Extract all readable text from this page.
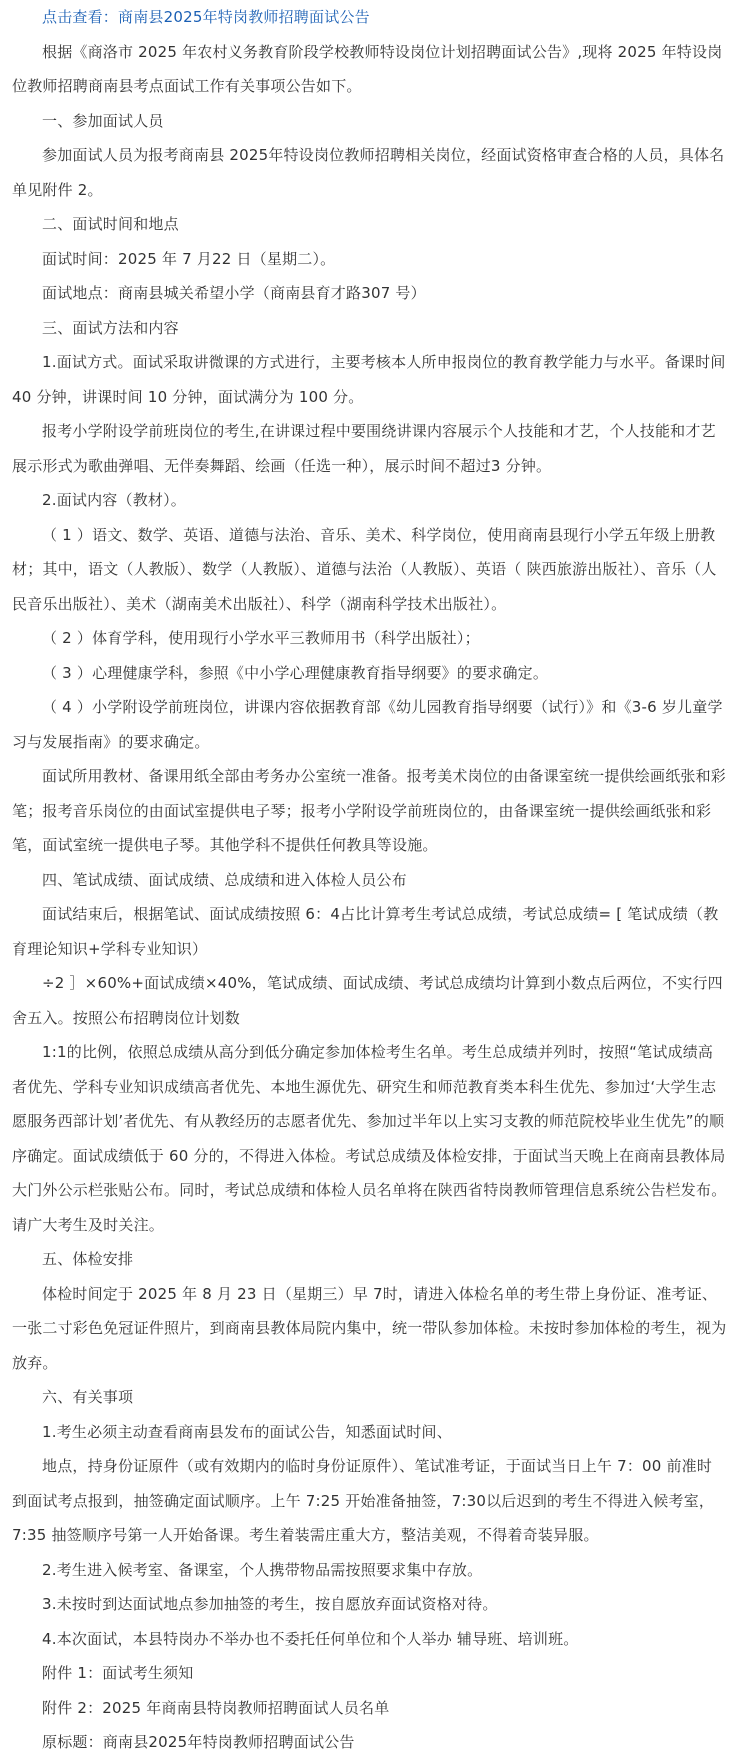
点击查看：商南县2025年特岗教师招聘面试公告

根据《商洛市 2025 年农村义务教育阶段学校教师特设岗位计划招聘面试公告》,现将 2025 年特设岗位教师招聘商南县考点面试工作有关事项公告如下。

一、参加面试人员

参加面试人员为报考商南县 2025年特设岗位教师招聘相关岗位，经面试资格审查合格的人员，具体名单见附件 2。

二、面试时间和地点

面试时间：2025 年 7 月22 日（星期二）。

面试地点：商南县城关希望小学（商南县育才路307 号）

三、面试方法和内容

1.面试方式。面试采取讲微课的方式进行，主要考核本人所申报岗位的教育教学能力与水平。备课时间 40 分钟，讲课时间 10 分钟，面试满分为 100 分。

报考小学附设学前班岗位的考生,在讲课过程中要围绕讲课内容展示个人技能和才艺，个人技能和才艺展示形式为歌曲弹唱、无伴奏舞蹈、绘画（任选一种），展示时间不超过3 分钟。

2.面试内容（教材）。

（ 1 ）语文、数学、英语、道德与法治、音乐、美术、科学岗位，使用商南县现行小学五年级上册教材；其中，语文（人教版）、数学（人教版）、道德与法治（人教版）、英语（ 陕西旅游出版社）、音乐（人民音乐出版社）、美术（湖南美术出版社）、科学（湖南科学技术出版社）。

（ 2 ）体育学科，使用现行小学水平三教师用书（科学出版社）；

（ 3 ）心理健康学科，参照《中小学心理健康教育指导纲要》的要求确定。

（ 4 ）小学附设学前班岗位，讲课内容依据教育部《幼儿园教育指导纲要（试行）》和《3-6 岁儿童学习与发展指南》的要求确定。

面试所用教材、备课用纸全部由考务办公室统一准备。报考美术岗位的由备课室统一提供绘画纸张和彩笔；报考音乐岗位的由面试室提供电子琴；报考小学附设学前班岗位的，由备课室统一提供绘画纸张和彩笔，面试室统一提供电子琴。其他学科不提供任何教具等设施。

四、笔试成绩、面试成绩、总成绩和进入体检人员公布

面试结束后，根据笔试、面试成绩按照 6：4占比计算考生考试总成绩，考试总成绩= [ 笔试成绩（教育理论知识+学科专业知识）

÷2 ］×60%+面试成绩×40%，笔试成绩、面试成绩、考试总成绩均计算到小数点后两位，不实行四舍五入。按照公布招聘岗位计划数

1:1的比例，依照总成绩从高分到低分确定参加体检考生名单。考生总成绩并列时，按照“笔试成绩高者优先、学科专业知识成绩高者优先、本地生源优先、研究生和师范教育类本科生优先、参加过‘大学生志愿服务西部计划’者优先、有从教经历的志愿者优先、参加过半年以上实习支教的师范院校毕业生优先”的顺序确定。面试成绩低于 60 分的，不得进入体检。考试总成绩及体检安排，于面试当天晚上在商南县教体局大门外公示栏张贴公布。同时，考试总成绩和体检人员名单将在陕西省特岗教师管理信息系统公告栏发布。请广大考生及时关注。

五、体检安排

体检时间定于 2025 年 8 月 23 日（星期三）早 7时，请进入体检名单的考生带上身份证、准考证、一张二寸彩色免冠证件照片，到商南县教体局院内集中，统一带队参加体检。未按时参加体检的考生，视为放弃。

六、有关事项

1.考生必须主动查看商南县发布的面试公告，知悉面试时间、

地点，持身份证原件（或有效期内的临时身份证原件）、笔试准考证，于面试当日上午 7：00 前准时到面试考点报到，抽签确定面试顺序。上午 7:25 开始准备抽签，7:30以后迟到的考生不得进入候考室，7:35 抽签顺序号第一人开始备课。考生着装需庄重大方，整洁美观，不得着奇装异服。

2.考生进入候考室、备课室，个人携带物品需按照要求集中存放。

3.未按时到达面试地点参加抽签的考生，按自愿放弃面试资格对待。

4.本次面试，本县特岗办不举办也不委托任何单位和个人举办 辅导班、培训班。

附件 1：面试考生须知

附件 2：2025 年商南县特岗教师招聘面试人员名单

原标题：商南县2025年特岗教师招聘面试公告
